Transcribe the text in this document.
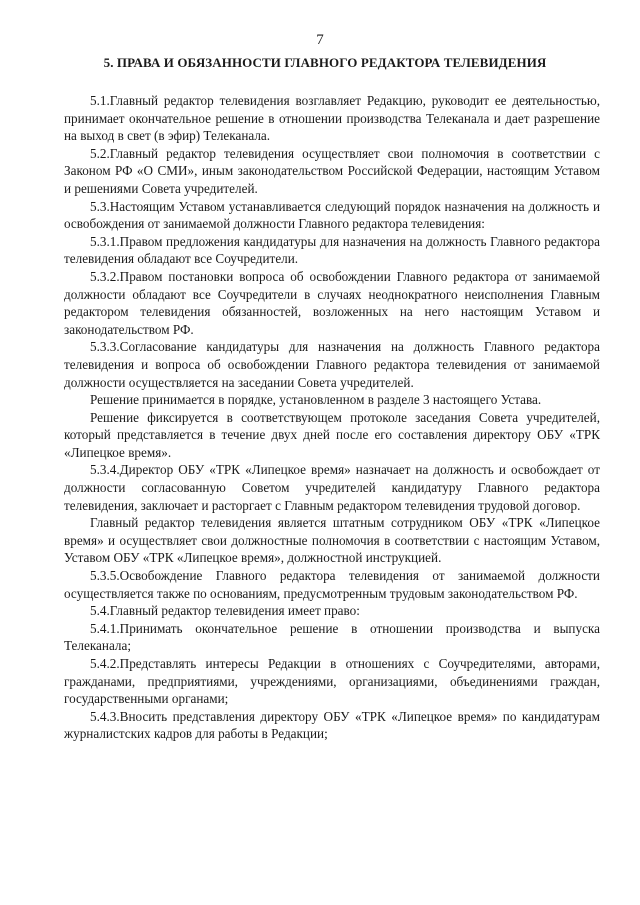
7
5. ПРАВА И ОБЯЗАННОСТИ ГЛАВНОГО РЕДАКТОРА ТЕЛЕВИДЕНИЯ

5.1.Главный редактор телевидения возглавляет Редакцию, руководит ее деятельностью, принимает окончательное решение в отношении производства Телеканала и дает разрешение на выход в свет (в эфир) Телеканала.

5.2.Главный редактор телевидения осуществляет свои полномочия в соответствии с Законом РФ «О СМИ», иным законодательством Российской Федерации, настоящим Уставом и решениями Совета учредителей.

5.3.Настоящим Уставом устанавливается следующий порядок назначения на должность и освобождения от занимаемой должности Главного редактора телевидения:

5.3.1.Правом предложения кандидатуры для назначения на должность Главного редактора телевидения обладают все Соучредители.

5.3.2.Правом постановки вопроса об освобождении Главного редактора от занимаемой должности обладают все Соучредители в случаях неоднократного неисполнения Главным редактором телевидения обязанностей, возложенных на него настоящим Уставом и законодательством РФ.

5.3.3.Согласование кандидатуры для назначения на должность Главного редактора телевидения и вопроса об освобождении Главного редактора телевидения от занимаемой должности осуществляется на заседании Совета учредителей.

Решение принимается в порядке, установленном в разделе 3 настоящего Устава.

Решение фиксируется в соответствующем протоколе заседания Совета учредителей, который представляется в течение двух дней после его составления директору ОБУ «ТРК «Липецкое время».

5.3.4.Директор ОБУ «ТРК «Липецкое время» назначает на должность и освобождает от должности согласованную Советом учредителей кандидатуру Главного редактора телевидения, заключает и расторгает с Главным редактором телевидения трудовой договор.

Главный редактор телевидения является штатным сотрудником ОБУ «ТРК «Липецкое время» и осуществляет свои должностные полномочия в соответствии с настоящим Уставом, Уставом ОБУ «ТРК «Липецкое время», должностной инструкцией.

5.3.5.Освобождение Главного редактора телевидения от занимаемой должности осуществляется также по основаниям, предусмотренным трудовым законодательством РФ.

5.4.Главный редактор телевидения имеет право:

5.4.1.Принимать окончательное решение в отношении производства и выпуска Телеканала;

5.4.2.Представлять интересы Редакции в отношениях с Соучредителями, авторами, гражданами, предприятиями, учреждениями, организациями, объединениями граждан, государственными органами;

5.4.3.Вносить представления директору ОБУ «ТРК «Липецкое время» по кандидатурам журналистских кадров для работы в Редакции;
